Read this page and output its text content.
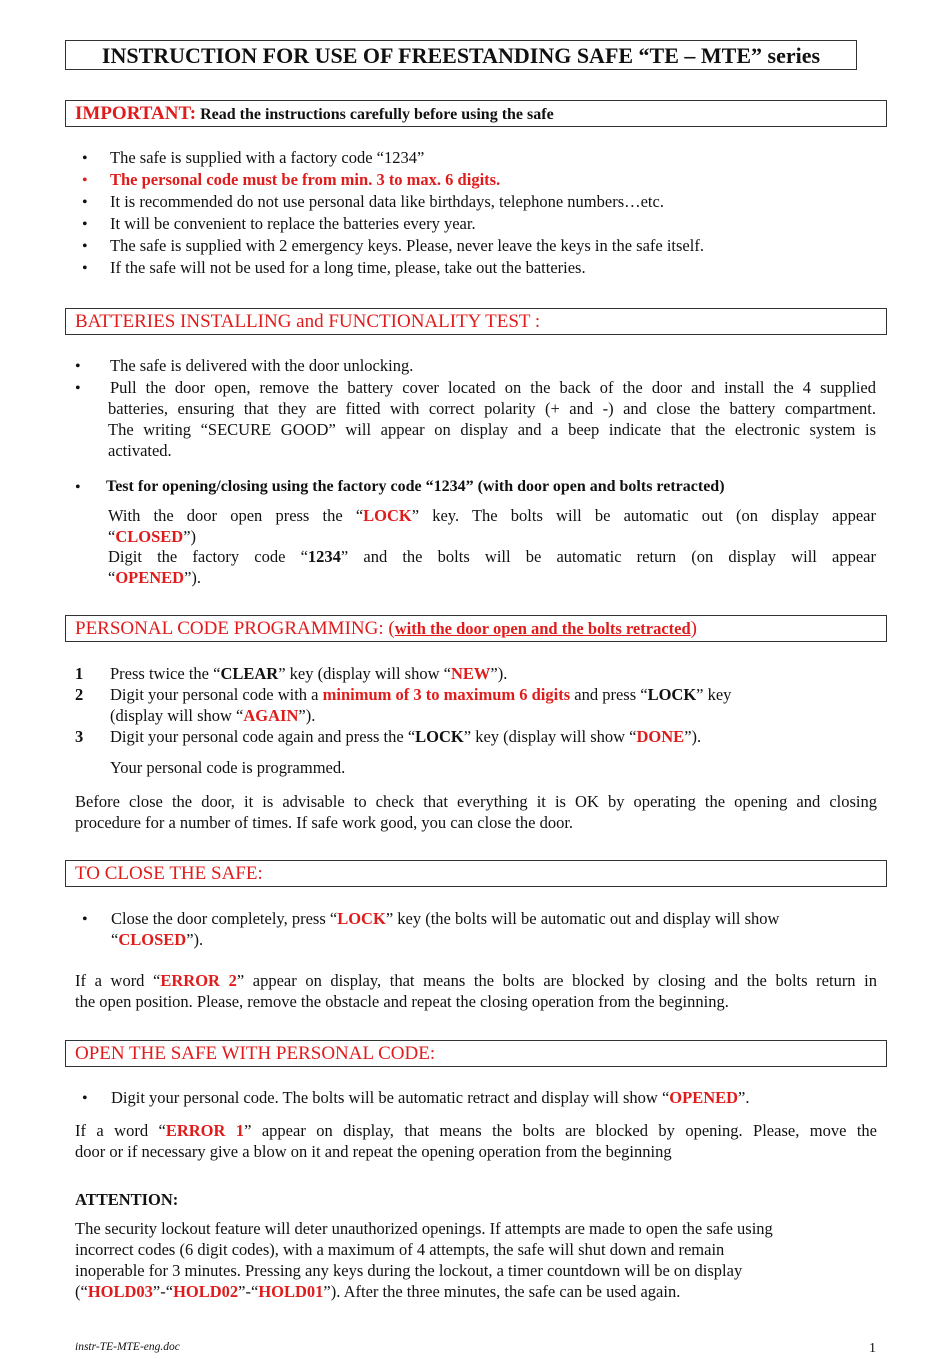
INSTRUCTION FOR USE OF FREESTANDING SAFE “TE – MTE” series
IMPORTANT: Read the instructions carefully before using the safe
• The safe is supplied with a factory code “1234”
• The personal code must be from min. 3 to max. 6 digits.
• It is recommended do not use personal data like birthdays, telephone numbers…etc.
• It will be convenient to replace the batteries every year.
• The safe is supplied with 2 emergency keys. Please, never leave the keys in the safe itself.
• If the safe will not be used for a long time, please, take out the batteries.
BATTERIES INSTALLING and FUNCTIONALITY TEST :
• The safe is delivered with the door unlocking.
• Pull the door open, remove the battery cover located on the back of the door and install the 4 supplied
batteries, ensuring that they are fitted with correct polarity (+ and -) and close the battery compartment.
The writing “SECURE GOOD” will appear on display and a beep indicate that the electronic system is
activated.
• Test for opening/closing using the factory code “1234” (with door open and bolts retracted)
With the door open press the “LOCK” key. The bolts will be automatic out (on display appear
“CLOSED”)
Digit the factory code “1234” and the bolts will be automatic return (on display will appear
“OPENED”).
PERSONAL CODE PROGRAMMING: (with the door open and the bolts retracted)
1 Press twice the “CLEAR” key (display will show “NEW”).
2 Digit your personal code with a minimum of 3 to maximum 6 digits and press “LOCK” key
(display will show “AGAIN”).
3 Digit your personal code again and press the “LOCK” key (display will show “DONE”).
Your personal code is programmed.
Before close the door, it is advisable to check that everything it is OK by operating the opening and closing
procedure for a number of times. If safe work good, you can close the door.
TO CLOSE THE SAFE:
• Close the door completely, press “LOCK” key (the bolts will be automatic out and display will show
“CLOSED”).
If a word “ERROR 2” appear on display, that means the bolts are blocked by closing and the bolts return in
the open position. Please, remove the obstacle and repeat the closing operation from the beginning.
OPEN THE SAFE WITH PERSONAL CODE:
• Digit your personal code. The bolts will be automatic retract and display will show “OPENED”.
If a word “ERROR 1” appear on display, that means the bolts are blocked by opening. Please, move the
door or if necessary give a blow on it and repeat the opening operation from the beginning
ATTENTION:
The security lockout feature will deter unauthorized openings. If attempts are made to open the safe using
incorrect codes (6 digit codes), with a maximum of 4 attempts, the safe will shut down and remain
inoperable for 3 minutes. Pressing any keys during the lockout, a timer countdown will be on display
(“HOLD03”-“HOLD02”-“HOLD01”). After the three minutes, the safe can be used again.
instr-TE-MTE-eng.doc	1
